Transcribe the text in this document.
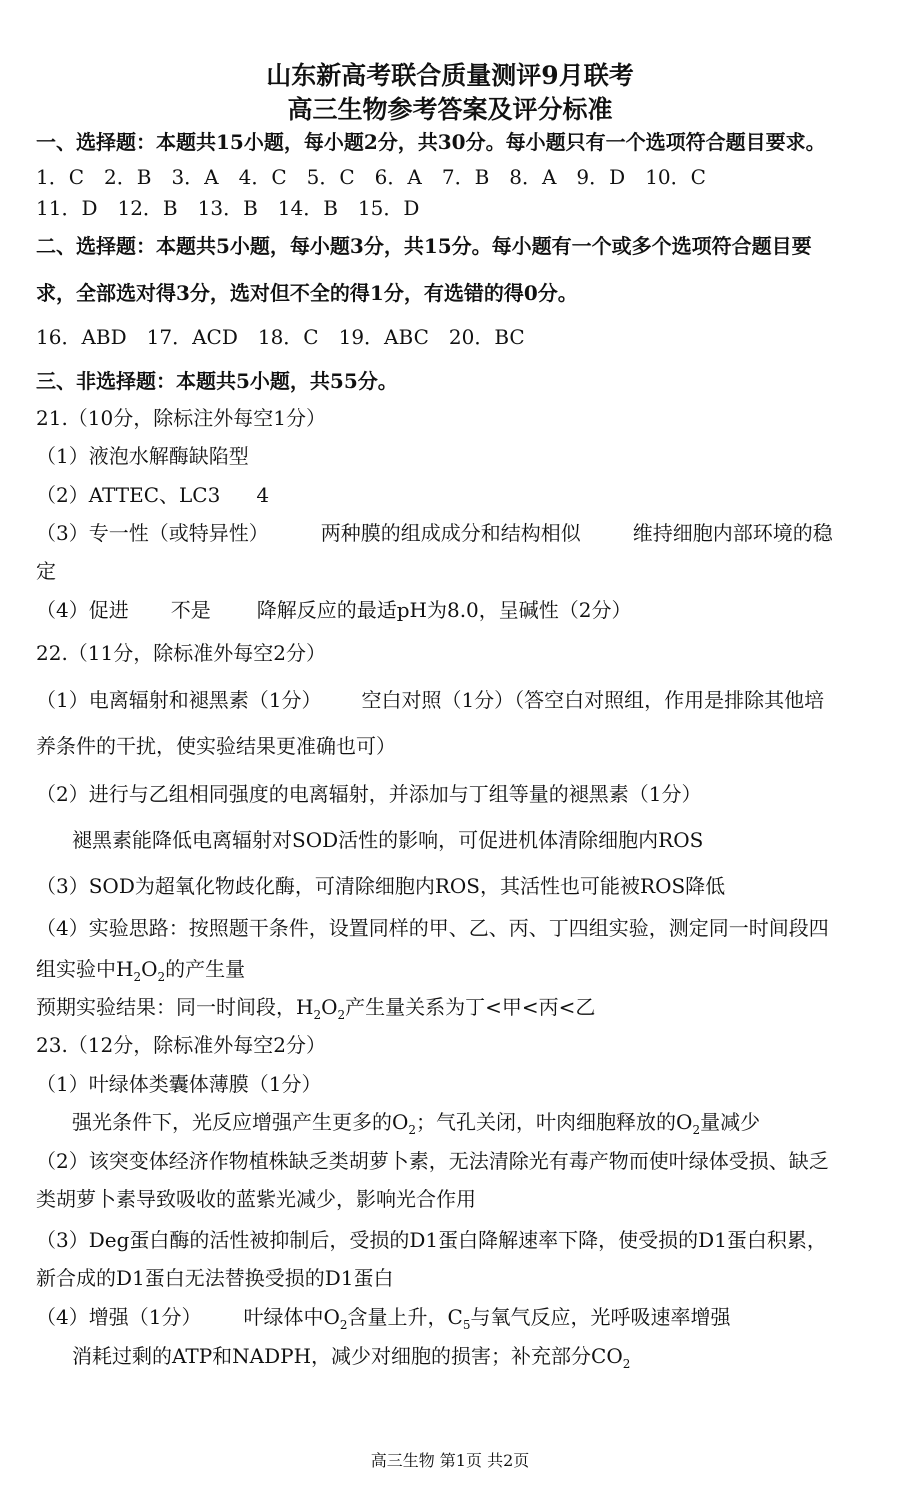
山东新高考联合质量测评9月联考
高三生物参考答案及评分标准
一、选择题：本题共15小题，每小题2分，共30分。每小题只有一个选项符合题目要求。
1．C　2．B　3．A　4．C　5．C　6．A　7．B　8．A　9．D　10．C
11．D　12．B　13．B　14．B　15．D
二、选择题：本题共5小题，每小题3分，共15分。每小题有一个或多个选项符合题目要
求，全部选对得3分，选对但不全的得1分，有选错的得0分。
16．ABD　17．ACD　18．C　19．ABC　20．BC
三、非选择题：本题共5小题，共55分。
21.（10分，除标注外每空1分）
（1）液泡水解酶缺陷型
（2）ATTEC、LC3 4
（3）专一性（或特异性）	两种膜的组成成分和结构相似	维持细胞内部环境的稳
定
（4）促进 不是 降解反应的最适pH为8.0，呈碱性（2分）
22.（11分，除标准外每空2分）
（1）电离辐射和褪黑素（1分） 空白对照（1分）（答空白对照组，作用是排除其他培
养条件的干扰，使实验结果更准确也可）
（2）进行与乙组相同强度的电离辐射，并添加与丁组等量的褪黑素（1分）
褪黑素能降低电离辐射对SOD活性的影响，可促进机体清除细胞内ROS
（3）SOD为超氧化物歧化酶，可清除细胞内ROS，其活性也可能被ROS降低
（4）实验思路：按照题干条件，设置同样的甲、乙、丙、丁四组实验，测定同一时间段四
组实验中$H_2O_2$的产生量
预期实验结果：同一时间段，$H_2O_2$产生量关系为丁<甲<丙<乙
23.（12分，除标准外每空2分）
（1）叶绿体类囊体薄膜（1分）
强光条件下，光反应增强产生更多的$O_2$；气孔关闭，叶肉细胞释放的$O_2$量减少
（2）该突变体经济作物植株缺乏类胡萝卜素，无法清除光有毒产物而使叶绿体受损、缺乏
类胡萝卜素导致吸收的蓝紫光减少，影响光合作用
（3）Deg蛋白酶的活性被抑制后，受损的D1蛋白降解速率下降，使受损的D1蛋白积累，
新合成的D1蛋白无法替换受损的D1蛋白
（4）增强（1分） 叶绿体中$O_2$含量上升，$C_5$与氧气反应，光呼吸速率增强
消耗过剩的ATP和NADPH，减少对细胞的损害；补充部分$CO_2$
高三生物 第1页 共2页
